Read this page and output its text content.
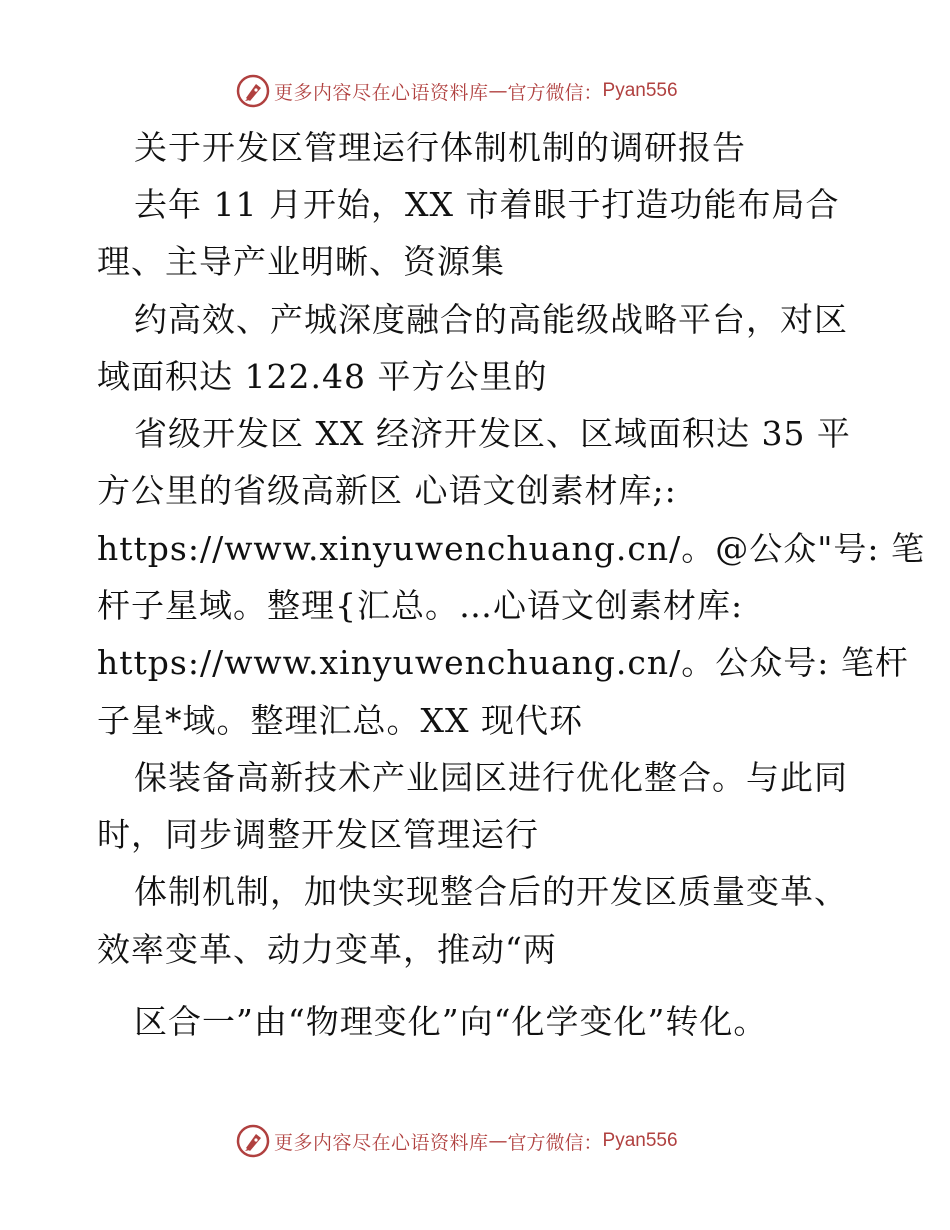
更多内容尽在心语资料库 — 官方微信： Pyan556
关于开发区管理运行体制机制的调研报告
去年 11 月开始，XX 市着眼于打造功能布局合
理、主导产业明晰、资源集
约高效、产城深度融合的高能级战略平台，对区
域面积达 122.48 平方公里的
省级开发区 XX 经济开发区、区域面积达 35 平
方公里的省级高新区 心语文创素材库;:
https://www.xinyuwenchuang.cn/。@公众"号: 笔
杆子星域。整理{汇总。…心语文创素材库:
https://www.xinyuwenchuang.cn/。公众号: 笔杆
子星*域。整理汇总。XX 现代环
保装备高新技术产业园区进行优化整合。与此同
时，同步调整开发区管理运行
体制机制，加快实现整合后的开发区质量变革、
效率变革、动力变革，推动“两
区合一”由“物理变化”向“化学变化”转化。
更多内容尽在心语资料库 — 官方微信： Pyan556
